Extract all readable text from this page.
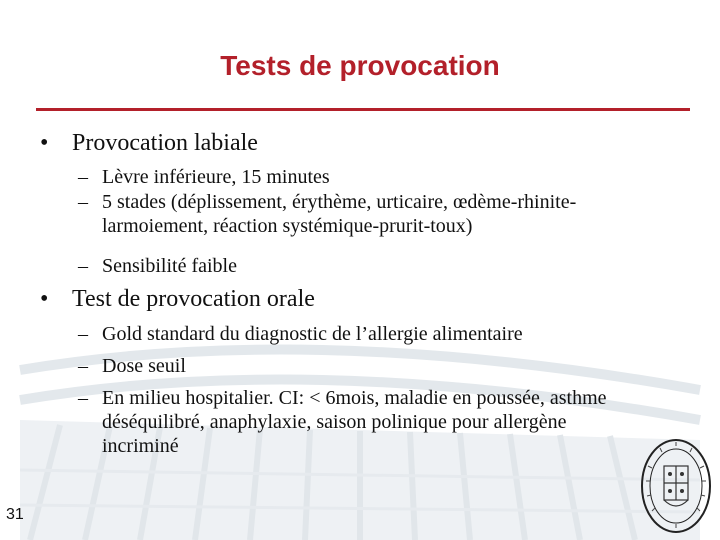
Tests de provocation
• Provocation labiale
– Lèvre inférieure, 15 minutes
– 5 stades (déplissement, érythème, urticaire, œdème-rhinite-larmoiement, réaction systémique-prurit-toux)
– Sensibilité faible
• Test de provocation orale
– Gold standard du diagnostic de l’allergie alimentaire
– Dose seuil
– En milieu hospitalier. CI: < 6mois, maladie en poussée, asthme déséquilibré, anaphylaxie, saison polinique pour allergène incriminé
31
